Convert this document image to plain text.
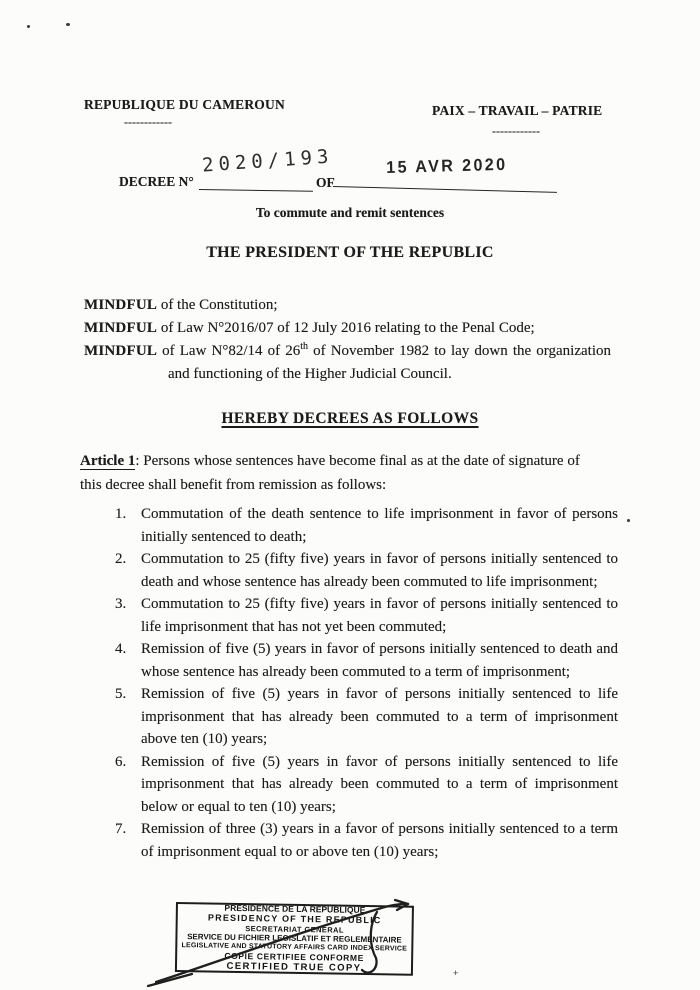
+
REPUBLIQUE DU CAMEROUN
------------
PAIX – TRAVAIL – PATRIE
------------
DECREE N°
2020/193
OF
15 AVR 2020
To commute and remit sentences
THE PRESIDENT OF THE REPUBLIC
MINDFUL of the Constitution;
MINDFUL of Law N°2016/07 of 12 July 2016 relating to the Penal Code;
MINDFUL of Law N°82/14 of 26th of November 1982 to lay down the organization and functioning of the Higher Judicial Council.
HEREBY DECREES AS FOLLOWS
Article 1: Persons whose sentences have become final as at the date of signature of this decree shall benefit from remission as follows:
1. Commutation of the death sentence to life imprisonment in favor of persons initially sentenced to death;
2. Commutation to 25 (fifty five) years in favor of persons initially sentenced to death and whose sentence has already been commuted to life imprisonment;
3. Commutation to 25 (fifty five) years in favor of persons initially sentenced to life imprisonment that has not yet been commuted;
4. Remission of five (5) years in favor of persons initially sentenced to death and whose sentence has already been commuted to a term of imprisonment;
5. Remission of five (5) years in favor of persons initially sentenced to life imprisonment that has already been commuted to a term of imprisonment above ten (10) years;
6. Remission of five (5) years in favor of persons initially sentenced to life imprisonment that has already been commuted to a term of imprisonment below or equal to ten (10) years;
7. Remission of three (3) years in a favor of persons initially sentenced to a term of imprisonment equal to or above ten (10) years;
PRESIDENCE DE LA REPUBLIQUE
PRESIDENCY OF THE REPUBLIC
SECRETARIAT GENERAL
SERVICE DU FICHIER LEGISLATIF ET REGLEMENTAIRE
LEGISLATIVE AND STATUTORY AFFAIRS CARD INDEX SERVICE
COPIE CERTIFIEE CONFORME
CERTIFIED TRUE COPY
